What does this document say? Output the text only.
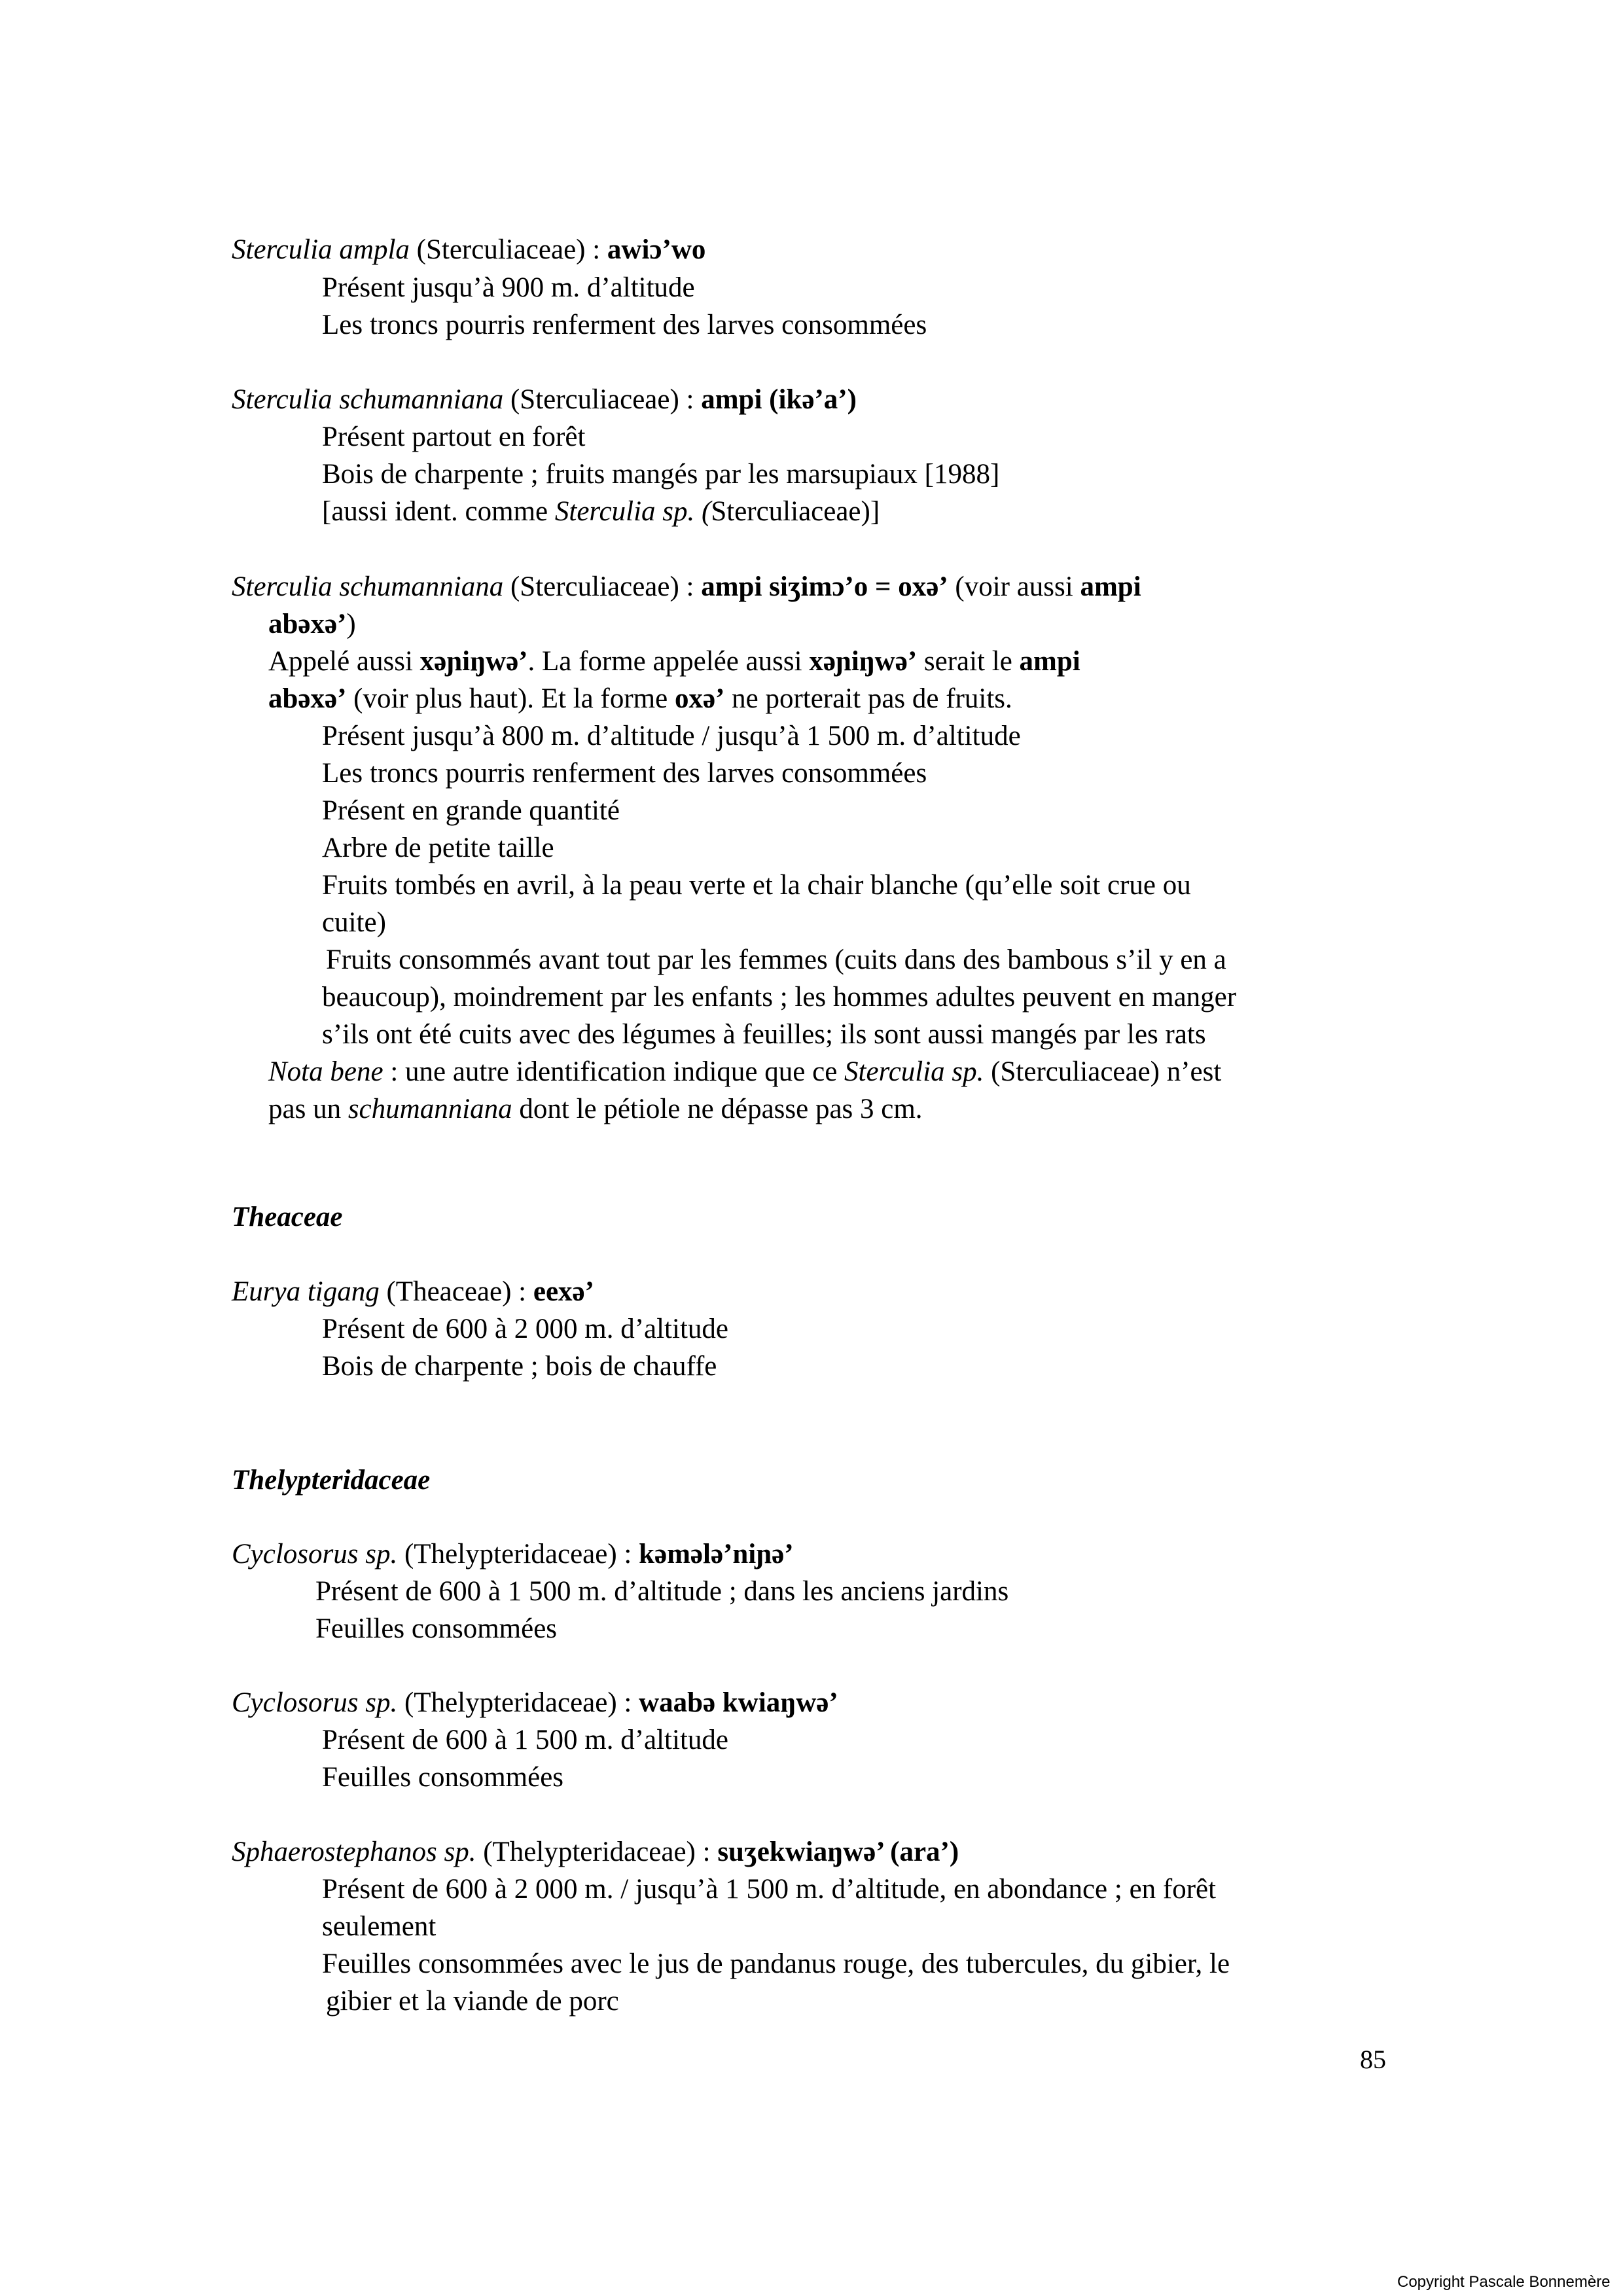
Sterculia ampla (Sterculiaceae) : awiɔ’wo
Présent jusqu’à 900 m. d’altitude
Les troncs pourris renferment des larves consommées
Sterculia schumanniana (Sterculiaceae) : ampi (ikə’a’)
Présent partout en forêt
Bois de charpente ; fruits mangés par les marsupiaux [1988]
[aussi ident. comme Sterculia sp. (Sterculiaceae)]
Sterculia schumanniana (Sterculiaceae) : ampi siʒimɔ’o = oxə’ (voir aussi ampi
abəxə’)
Appelé aussi xəɲiŋwə’. La forme appelée aussi xəɲiŋwə’ serait le ampi
abəxə’ (voir plus haut). Et la forme oxə’ ne porterait pas de fruits.
Présent jusqu’à 800 m. d’altitude / jusqu’à 1 500 m. d’altitude
Les troncs pourris renferment des larves consommées
Présent en grande quantité
Arbre de petite taille
Fruits tombés en avril, à la peau verte et la chair blanche (qu’elle soit crue ou
cuite)
Fruits consommés avant tout par les femmes (cuits dans des bambous s’il y en a
beaucoup), moindrement par les enfants ; les hommes adultes peuvent en manger
s’ils ont été cuits avec des légumes à feuilles; ils sont aussi mangés par les rats
Nota bene : une autre identification indique que ce Sterculia sp. (Sterculiaceae) n’est
pas un schumanniana dont le pétiole ne dépasse pas 3 cm.
Theaceae
Eurya tigang (Theaceae) : eexə’
Présent de 600 à 2 000 m. d’altitude
Bois de charpente ; bois de chauffe
Thelypteridaceae
Cyclosorus sp. (Thelypteridaceae) : kəmələ’niɲə’
Présent de 600 à 1 500 m. d’altitude ; dans les anciens jardins
Feuilles consommées
Cyclosorus sp. (Thelypteridaceae) : waabə kwiaŋwə’
Présent de 600 à 1 500 m. d’altitude
Feuilles consommées
Sphaerostephanos sp. (Thelypteridaceae) : suʒekwiaŋwə’ (ara’)
Présent de 600 à 2 000 m. / jusqu’à 1 500 m. d’altitude, en abondance ; en forêt
seulement
Feuilles consommées avec le jus de pandanus rouge, des tubercules, du gibier, le
gibier et la viande de porc
85
Copyright Pascale Bonnemère
